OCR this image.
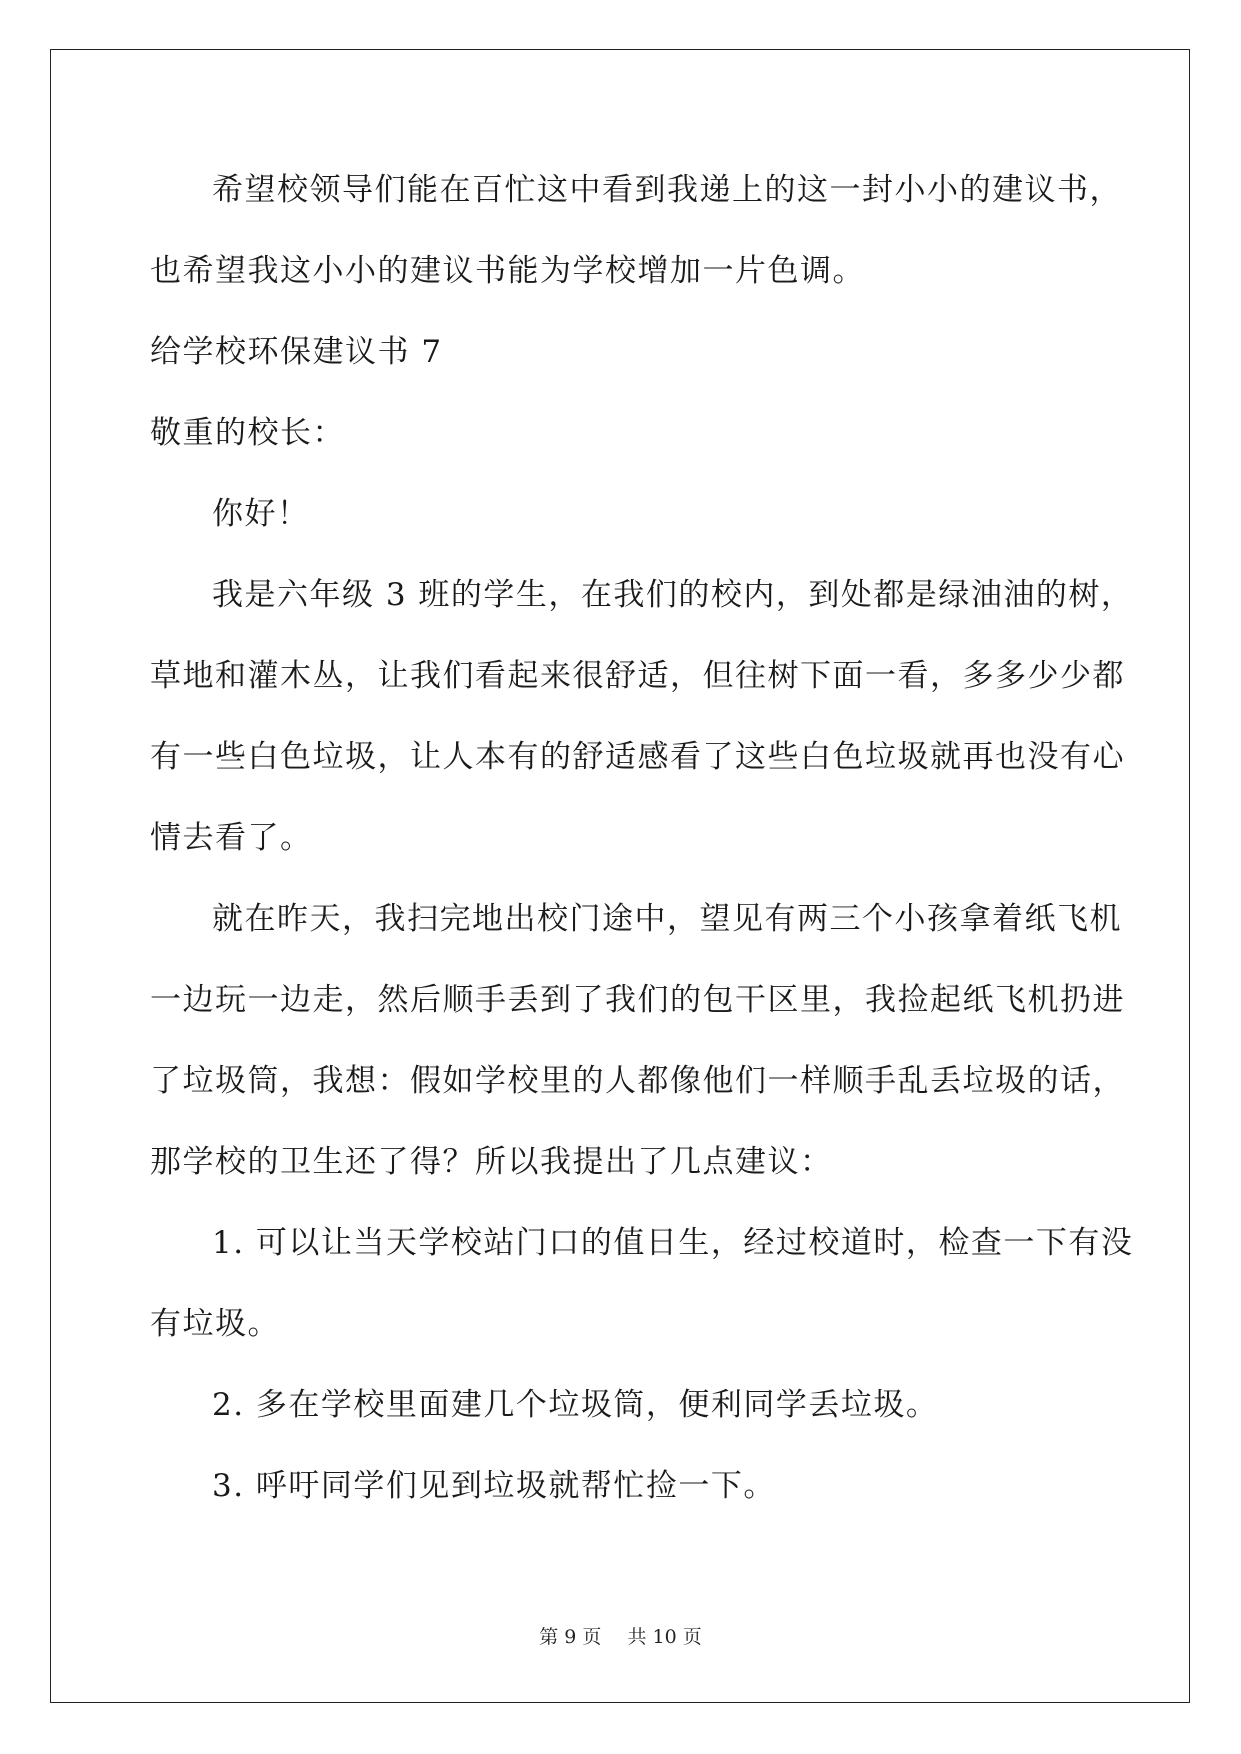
希望校领导们能在百忙这中看到我递上的这一封小小的建议书，
也希望我这小小的建议书能为学校增加一片色调。
给学校环保建议书 7
敬重的校长：
你好！
我是六年级 3 班的学生，在我们的校内，到处都是绿油油的树，
草地和灌木丛，让我们看起来很舒适，但往树下面一看，多多少少都
有一些白色垃圾，让人本有的舒适感看了这些白色垃圾就再也没有心
情去看了。
就在昨天，我扫完地出校门途中，望见有两三个小孩拿着纸飞机
一边玩一边走，然后顺手丢到了我们的包干区里，我捡起纸飞机扔进
了垃圾筒，我想：假如学校里的人都像他们一样顺手乱丢垃圾的话，
那学校的卫生还了得？所以我提出了几点建议：
1. 可以让当天学校站门口的值日生，经过校道时，检查一下有没
有垃圾。
2. 多在学校里面建几个垃圾筒，便利同学丢垃圾。
3. 呼吁同学们见到垃圾就帮忙捡一下。
第 9 页 共 10 页
